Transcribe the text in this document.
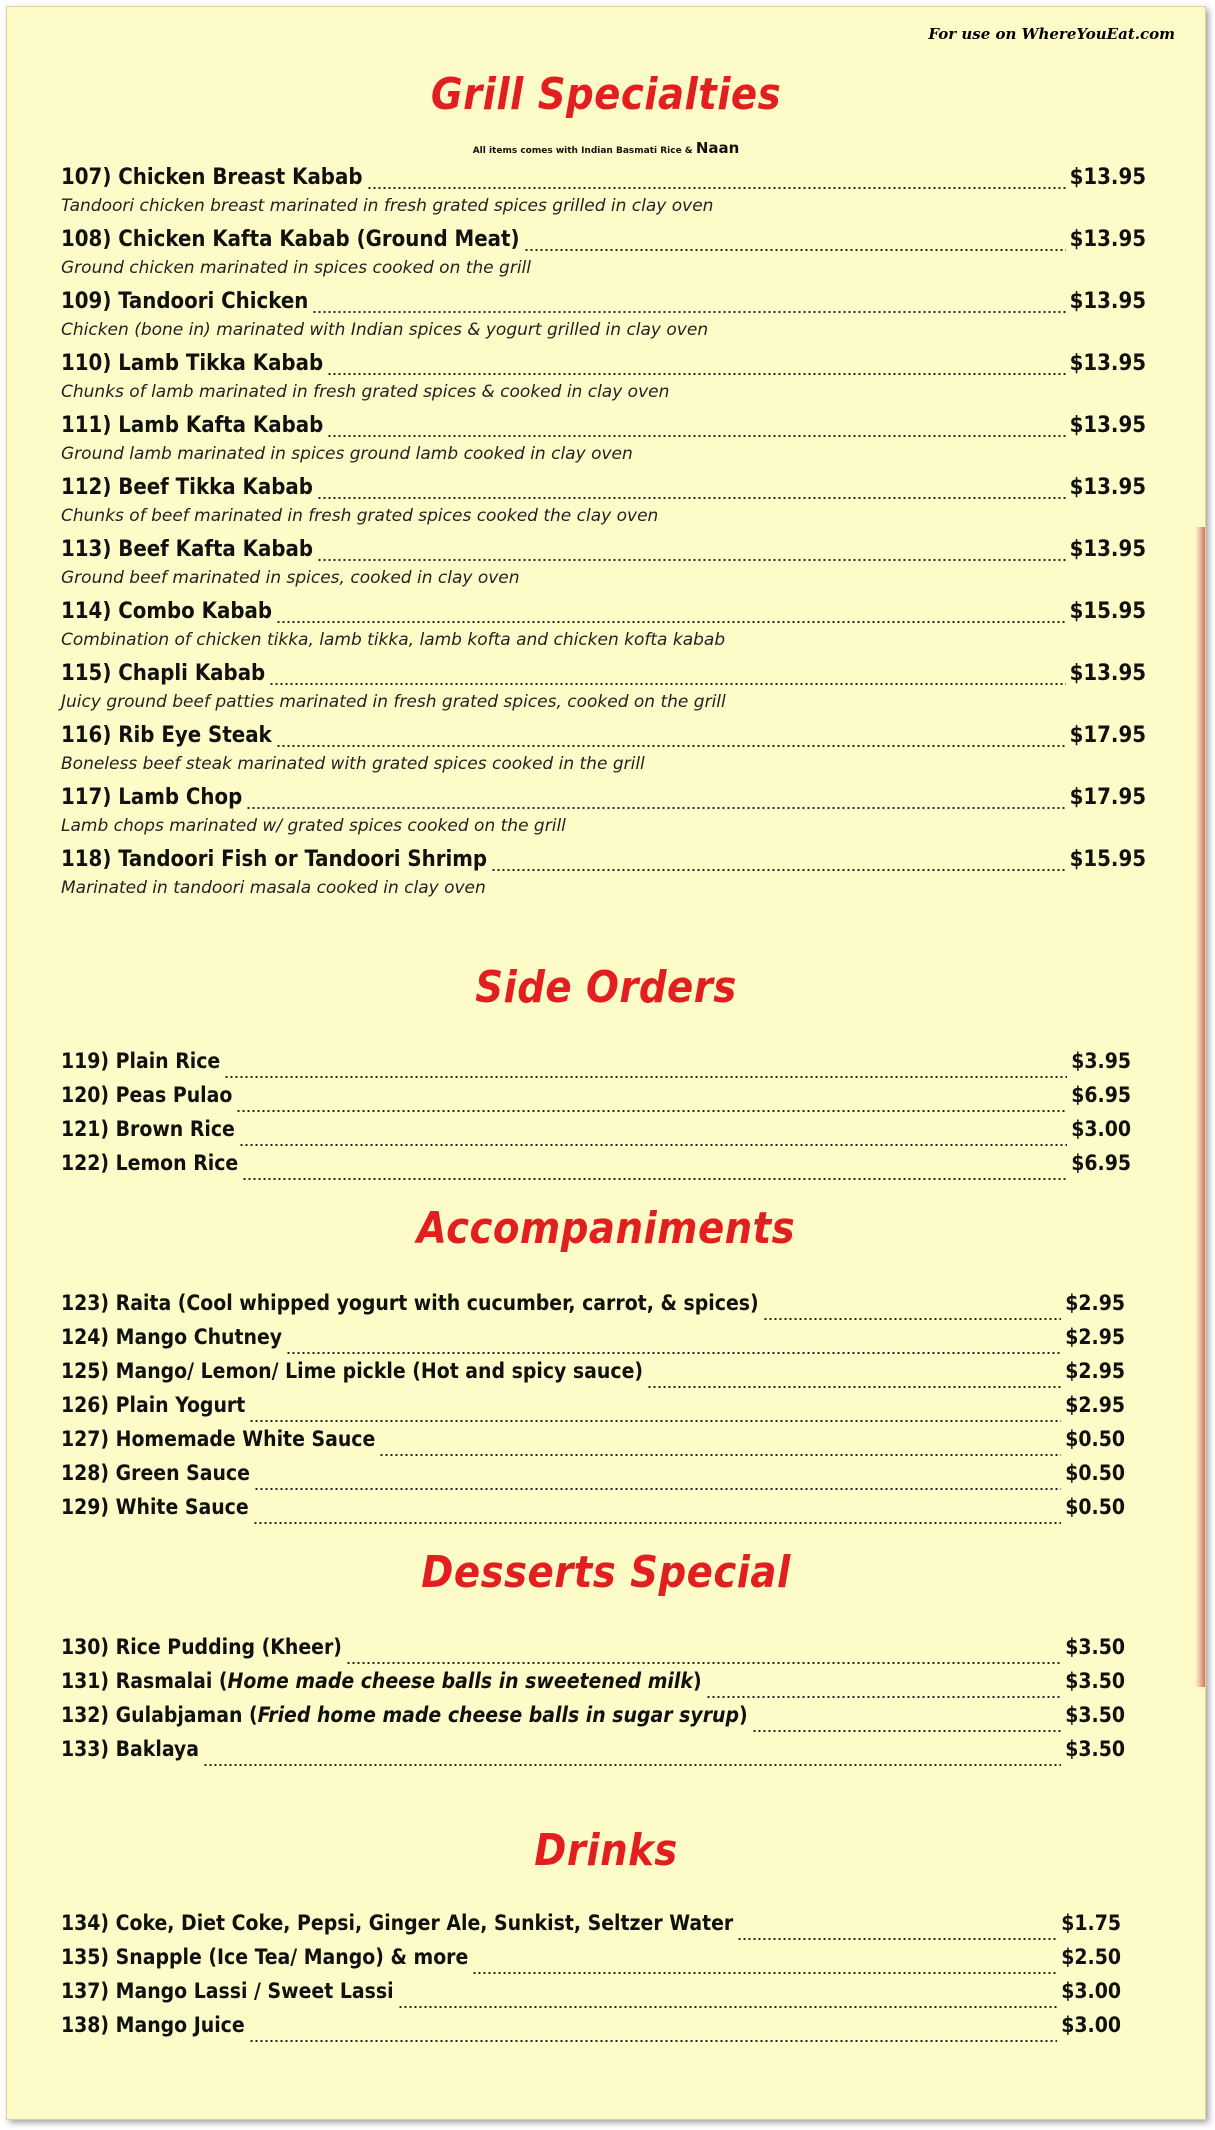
For use on WhereYouEat.com
Grill Specialties
All items comes with Indian Basmati Rice & Naan
107) Chicken Breast Kabab	$13.95
Tandoori chicken breast marinated in fresh grated spices grilled in clay oven
108) Chicken Kafta Kabab (Ground Meat)	$13.95
Ground chicken marinated in spices cooked on the grill
109) Tandoori Chicken	$13.95
Chicken (bone in) marinated with Indian spices & yogurt grilled in clay oven
110) Lamb Tikka Kabab	$13.95
Chunks of lamb marinated in fresh grated spices & cooked in clay oven
111) Lamb Kafta Kabab	$13.95
Ground lamb marinated in spices ground lamb cooked in clay oven
112) Beef Tikka Kabab	$13.95
Chunks of beef marinated in fresh grated spices cooked the clay oven
113) Beef Kafta Kabab	$13.95
Ground beef marinated in spices, cooked in clay oven
114) Combo Kabab	$15.95
Combination of chicken tikka, lamb tikka, lamb kofta and chicken kofta kabab
115) Chapli Kabab	$13.95
Juicy ground beef patties marinated in fresh grated spices, cooked on the grill
116) Rib Eye Steak	$17.95
Boneless beef steak marinated with grated spices cooked in the grill
117) Lamb Chop	$17.95
Lamb chops marinated w/ grated spices cooked on the grill
118) Tandoori Fish or Tandoori Shrimp	$15.95
Marinated in tandoori masala cooked in clay oven
Side Orders
119) Plain Rice	$3.95
120) Peas Pulao	$6.95
121) Brown Rice	$3.00
122) Lemon Rice	$6.95
Accompaniments
123) Raita (Cool whipped yogurt with cucumber, carrot, & spices)	$2.95
124) Mango Chutney	$2.95
125) Mango/ Lemon/ Lime pickle (Hot and spicy sauce)	$2.95
126) Plain Yogurt	$2.95
127) Homemade White Sauce	$0.50
128) Green Sauce	$0.50
129) White Sauce	$0.50
Desserts Special
130) Rice Pudding (Kheer)	$3.50
131) Rasmalai (Home made cheese balls in sweetened milk)	$3.50
132) Gulabjaman (Fried home made cheese balls in sugar syrup)	$3.50
133) Baklaya	$3.50
Drinks
134) Coke, Diet Coke, Pepsi, Ginger Ale, Sunkist, Seltzer Water	$1.75
135) Snapple (Ice Tea/ Mango) & more	$2.50
137) Mango Lassi / Sweet Lassi	$3.00
138) Mango Juice	$3.00
